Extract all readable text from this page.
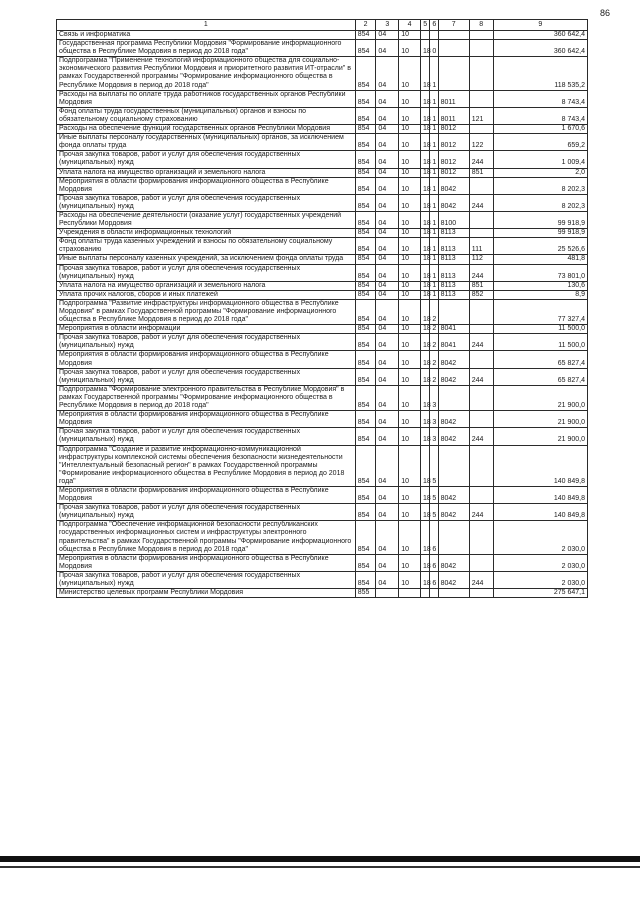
86
1	2	3	4	5	6	7	8	9
Связь и информатика	854	04	10					360 642,4
Государственная программа Республики Мордовия "Формирование информационного общества в Республике Мордовия в период до 2018 года"	854	04	10	18	0			360 642,4
Подпрограмма "Применение технологий информационного общества для социально-экономического развития Республики Мордовия и приоритетного развития ИТ-отрасли" в рамках Государственной программы "Формирование информационного общества в Республике Мордовия в период до 2018 года"	854	04	10	18	1			118 535,2
Расходы на выплаты по оплате труда работников государственных органов Республики Мордовия	854	04	10	18	1	8011		8 743,4
Фонд оплаты труда государственных (муниципальных) органов и взносы по обязательному социальному страхованию	854	04	10	18	1	8011	121	8 743,4
Расходы на обеспечение функций государственных органов Республики Мордовия	854	04	10	18	1	8012		1 670,6
Иные выплаты персоналу государственных (муниципальных) органов, за исключением фонда оплаты труда	854	04	10	18	1	8012	122	659,2
Прочая закупка товаров, работ и услуг для обеспечения государственных (муниципальных) нужд	854	04	10	18	1	8012	244	1 009,4
Уплата налога на имущество организаций и земельного налога	854	04	10	18	1	8012	851	2,0
Мероприятия в области формирования информационного общества в Республике Мордовия	854	04	10	18	1	8042		8 202,3
Прочая закупка товаров, работ и услуг для обеспечения государственных (муниципальных) нужд	854	04	10	18	1	8042	244	8 202,3
Расходы на обеспечение деятельности (оказание услуг) государственных учреждений Республики Мордовия	854	04	10	18	1	8100		99 918,9
Учреждения в области информационных технологий	854	04	10	18	1	8113		99 918,9
Фонд оплаты труда казенных учреждений и взносы по обязательному социальному страхованию	854	04	10	18	1	8113	111	25 526,6
Иные выплаты персоналу казенных учреждений, за исключением фонда оплаты труда	854	04	10	18	1	8113	112	481,8
Прочая закупка товаров, работ и услуг для обеспечения государственных (муниципальных) нужд	854	04	10	18	1	8113	244	73 801,0
Уплата налога на имущество организаций и земельного налога	854	04	10	18	1	8113	851	130,6
Уплата прочих налогов, сборов и иных платежей	854	04	10	18	1	8113	852	8,9
Подпрограмма "Развитие инфраструктуры информационного общества в Республике Мордовия" в рамках Государственной программы "Формирование информационного общества в Республике Мордовия в период до 2018 года"	854	04	10	18	2			77 327,4
Мероприятия в области информации	854	04	10	18	2	8041		11 500,0
Прочая закупка товаров, работ и услуг для обеспечения государственных (муниципальных) нужд	854	04	10	18	2	8041	244	11 500,0
Мероприятия в области формирования информационного общества в Республике Мордовия	854	04	10	18	2	8042		65 827,4
Прочая закупка товаров, работ и услуг для обеспечения государственных (муниципальных) нужд	854	04	10	18	2	8042	244	65 827,4
Подпрограмма "Формирование электронного правительства в Республике Мордовия" в рамках Государственной программы "Формирование информационного общества в Республике Мордовия в период до 2018 года"	854	04	10	18	3			21 900,0
Мероприятия в области формирования информационного общества в Республике Мордовия	854	04	10	18	3	8042		21 900,0
Прочая закупка товаров, работ и услуг для обеспечения государственных (муниципальных) нужд	854	04	10	18	3	8042	244	21 900,0
Подпрограмма "Создание и развитие информационно-коммуникационной инфраструктуры комплексной системы обеспечения безопасности жизнедеятельности "Интеллектуальный безопасный регион" в рамках Государственной программы "Формирование информационного общества в Республике Мордовия в период до 2018 года"	854	04	10	18	5			140 849,8
Мероприятия в области формирования информационного общества в Республике Мордовия	854	04	10	18	5	8042		140 849,8
Прочая закупка товаров, работ и услуг для обеспечения государственных (муниципальных) нужд	854	04	10	18	5	8042	244	140 849,8
Подпрограмма "Обеспечение информационной безопасности республиканских государственных информационных систем и инфраструктуры электронного правительства" в рамках Государственной программы "Формирование информационного общества в Республике Мордовия в период до 2018 года"	854	04	10	18	6			2 030,0
Мероприятия в области формирования информационного общества в Республике Мордовия	854	04	10	18	6	8042		2 030,0
Прочая закупка товаров, работ и услуг для обеспечения государственных (муниципальных) нужд	854	04	10	18	6	8042	244	2 030,0
Министерство целевых программ Республики Мордовия	855							275 647,1
